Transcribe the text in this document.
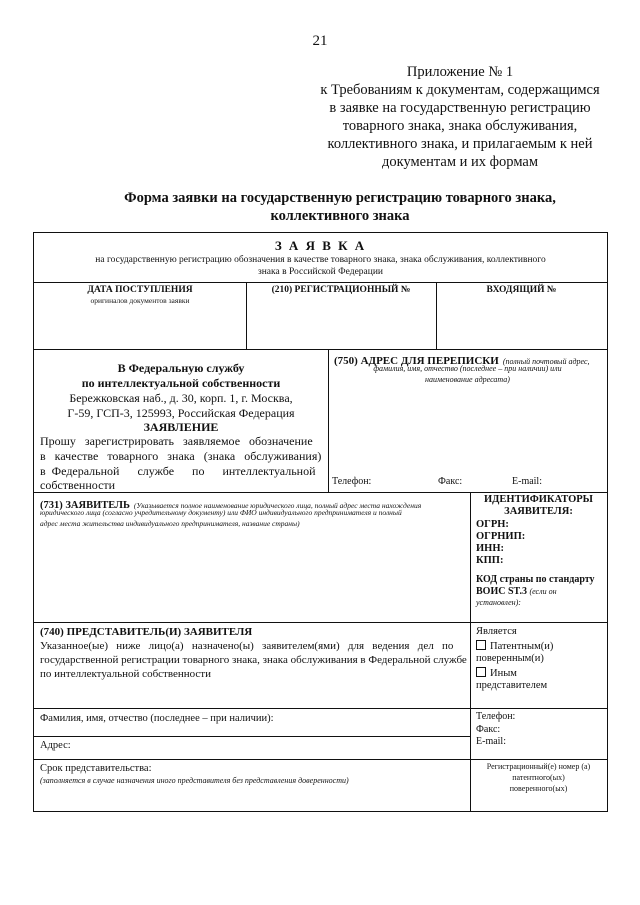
21
Приложение № 1
к Требованиям к документам, содержащимся
в заявке на государственную регистрацию
товарного знака, знака обслуживания,
коллективного знака, и прилагаемым к ней
документам и их формам
Форма заявки на государственную регистрацию товарного знака,
коллективного знака
З А Я В К А
на государственную регистрацию обозначения в качестве товарного знака, знака обслуживания, коллективного
знака в Российской Федерации
ДАТА ПОСТУПЛЕНИЯ
оригиналов документов заявки
(210) РЕГИСТРАЦИОННЫЙ №	ВХОДЯЩИЙ №
В Федеральную службу
по интеллектуальной собственности
Бережковская наб., д. 30, корп. 1, г. Москва,
Г-59, ГСП-3, 125993, Российская Федерация
ЗАЯВЛЕНИЕ
Прошу   зарегистрировать   заявляемое   обозначение
в   качестве   товарного   знака   (знака   обслуживания)
в  Федеральной      службе      по      интеллектуальной
собственности
(750) АДРЕС ДЛЯ ПЕРЕПИСКИ (полный почтовый адрес,
фамилия, имя, отчество (последнее – при наличии) или
наименование адресата)
Телефон:	Факс:	E-mail:
(731) ЗАЯВИТЕЛЬ (Указывается полное наименование юридического лица, полный адрес места нахождения
юридического лица (согласно учредительному документу) или ФИО индивидуального предпринимателя и полный
адрес места жительства индивидуального предпринимателя, название страны)
ИДЕНТИФИКАТОРЫ
ЗАЯВИТЕЛЯ:
ОГРН:
ОГРНИП:
ИНН:
КПП:
КОД страны по стандарту
ВОИС ST.3 (если он
установлен):
(740) ПРЕДСТАВИТЕЛЬ(И) ЗАЯВИТЕЛЯ
Указанное(ые)   ниже   лицо(а)   назначено(ы)   заявителем(ями)   для   ведения   дел   по
государственной регистрации товарного знака, знака обслуживания в Федеральной службе
по интеллектуальной собственности
Является
Патентным(и)
поверенным(и)
Иным
представителем
Фамилия, имя, отчество (последнее – при наличии):
Адрес:
Телефон:
Факс:
E-mail:
Срок представительства:
(заполняется в случае назначения иного представителя без представления доверенности)
Регистрационный(е) номер (а)
патентного(ых)
поверенного(ых)
